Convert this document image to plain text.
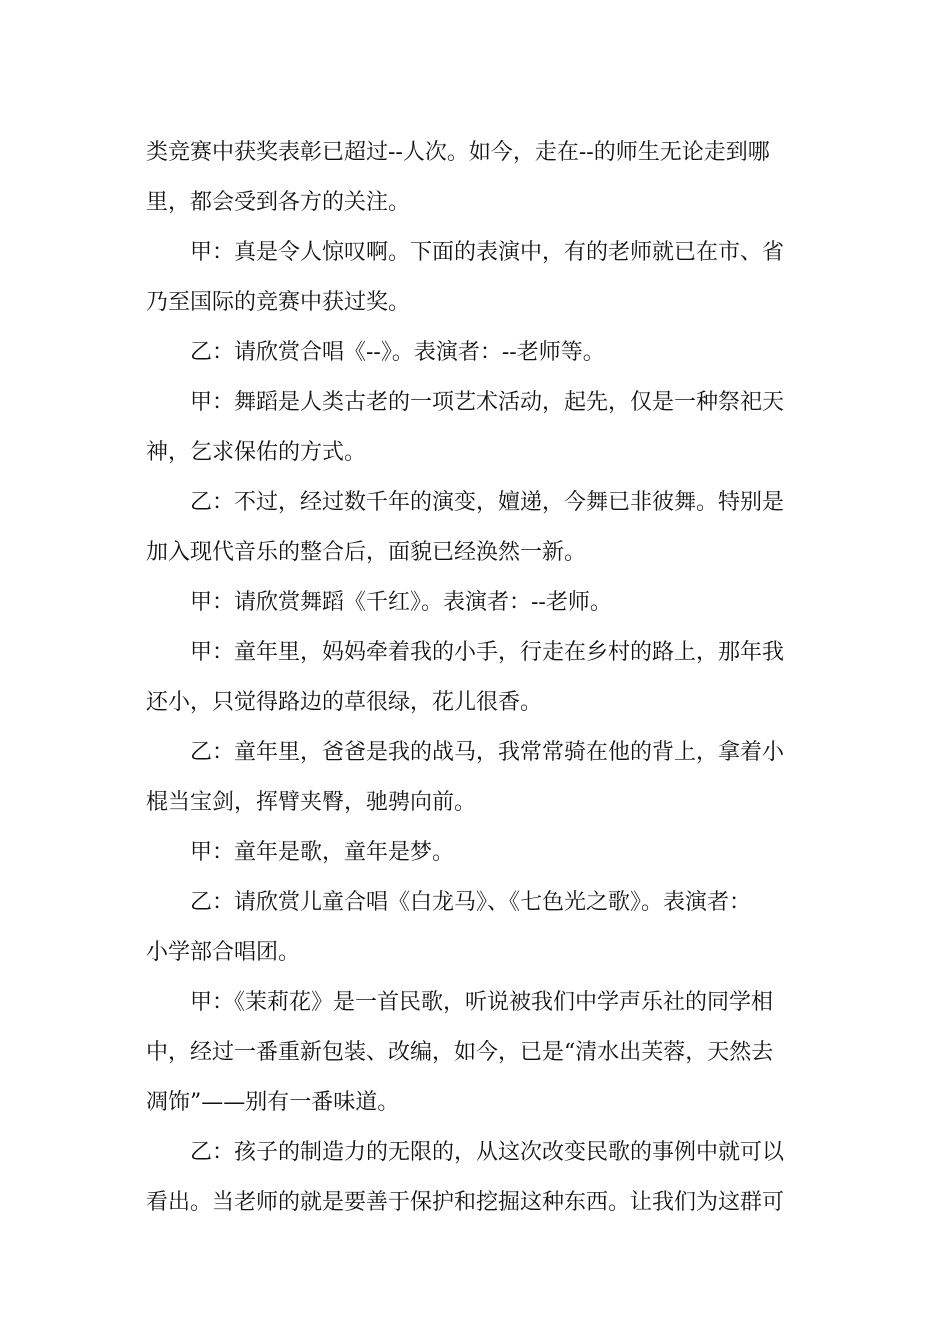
类竞赛中获奖表彰已超过--人次。如今，走在--的师生无论走到哪
里，都会受到各方的关注。
甲：真是令人惊叹啊。下面的表演中，有的老师就已在市、省
乃至国际的竞赛中获过奖。
乙：请欣赏合唱《--》。表演者：--老师等。
甲：舞蹈是人类古老的一项艺术活动，起先，仅是一种祭祀天
神，乞求保佑的方式。
乙：不过，经过数千年的演变，嬗递，今舞已非彼舞。特别是
加入现代音乐的整合后，面貌已经涣然一新。
甲：请欣赏舞蹈《千红》。表演者：--老师。
甲：童年里，妈妈牵着我的小手，行走在乡村的路上，那年我
还小，只觉得路边的草很绿，花儿很香。
乙：童年里，爸爸是我的战马，我常常骑在他的背上，拿着小
棍当宝剑，挥臂夹臀，驰骋向前。
甲：童年是歌，童年是梦。
乙：请欣赏儿童合唱《白龙马》、《七色光之歌》。表演者：
小学部合唱团。
甲：《茉莉花》是一首民歌，听说被我们中学声乐社的同学相
中，经过一番重新包装、改编，如今，已是“清水出芙蓉，天然去
凋饰”——别有一番味道。
乙：孩子的制造力的无限的，从这次改变民歌的事例中就可以
看出。当老师的就是要善于保护和挖掘这种东西。让我们为这群可
